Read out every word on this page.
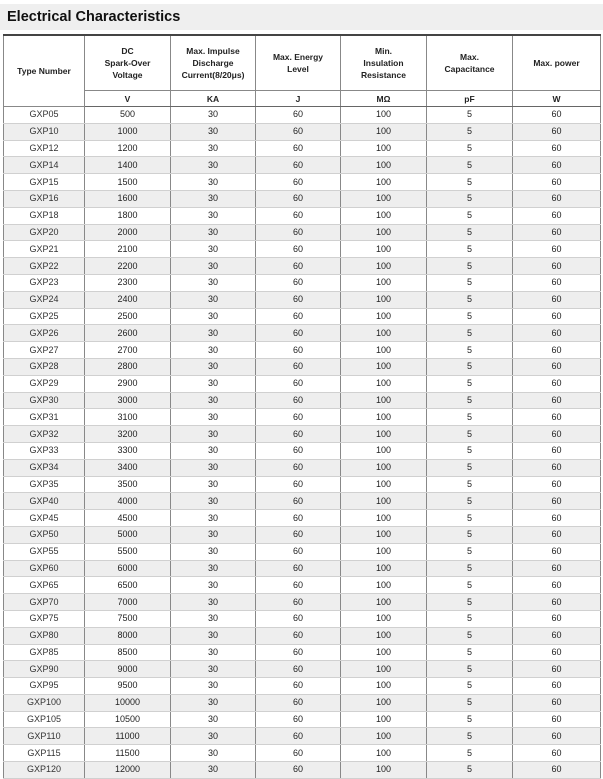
Electrical Characteristics
Type Number	DC
Spark-Over
Voltage	Max. Impulse
Discharge
Current(8/20μs)	Max. Energy
Level	Min.
Insulation
Resistance	Max.
Capacitance	Max. power
	V	KA	J	MΩ	pF	W
GXP05	500	30	60	100	5	60
GXP10	1000	30	60	100	5	60
GXP12	1200	30	60	100	5	60
GXP14	1400	30	60	100	5	60
GXP15	1500	30	60	100	5	60
GXP16	1600	30	60	100	5	60
GXP18	1800	30	60	100	5	60
GXP20	2000	30	60	100	5	60
GXP21	2100	30	60	100	5	60
GXP22	2200	30	60	100	5	60
GXP23	2300	30	60	100	5	60
GXP24	2400	30	60	100	5	60
GXP25	2500	30	60	100	5	60
GXP26	2600	30	60	100	5	60
GXP27	2700	30	60	100	5	60
GXP28	2800	30	60	100	5	60
GXP29	2900	30	60	100	5	60
GXP30	3000	30	60	100	5	60
GXP31	3100	30	60	100	5	60
GXP32	3200	30	60	100	5	60
GXP33	3300	30	60	100	5	60
GXP34	3400	30	60	100	5	60
GXP35	3500	30	60	100	5	60
GXP40	4000	30	60	100	5	60
GXP45	4500	30	60	100	5	60
GXP50	5000	30	60	100	5	60
GXP55	5500	30	60	100	5	60
GXP60	6000	30	60	100	5	60
GXP65	6500	30	60	100	5	60
GXP70	7000	30	60	100	5	60
GXP75	7500	30	60	100	5	60
GXP80	8000	30	60	100	5	60
GXP85	8500	30	60	100	5	60
GXP90	9000	30	60	100	5	60
GXP95	9500	30	60	100	5	60
GXP100	10000	30	60	100	5	60
GXP105	10500	30	60	100	5	60
GXP110	11000	30	60	100	5	60
GXP115	11500	30	60	100	5	60
GXP120	12000	30	60	100	5	60
